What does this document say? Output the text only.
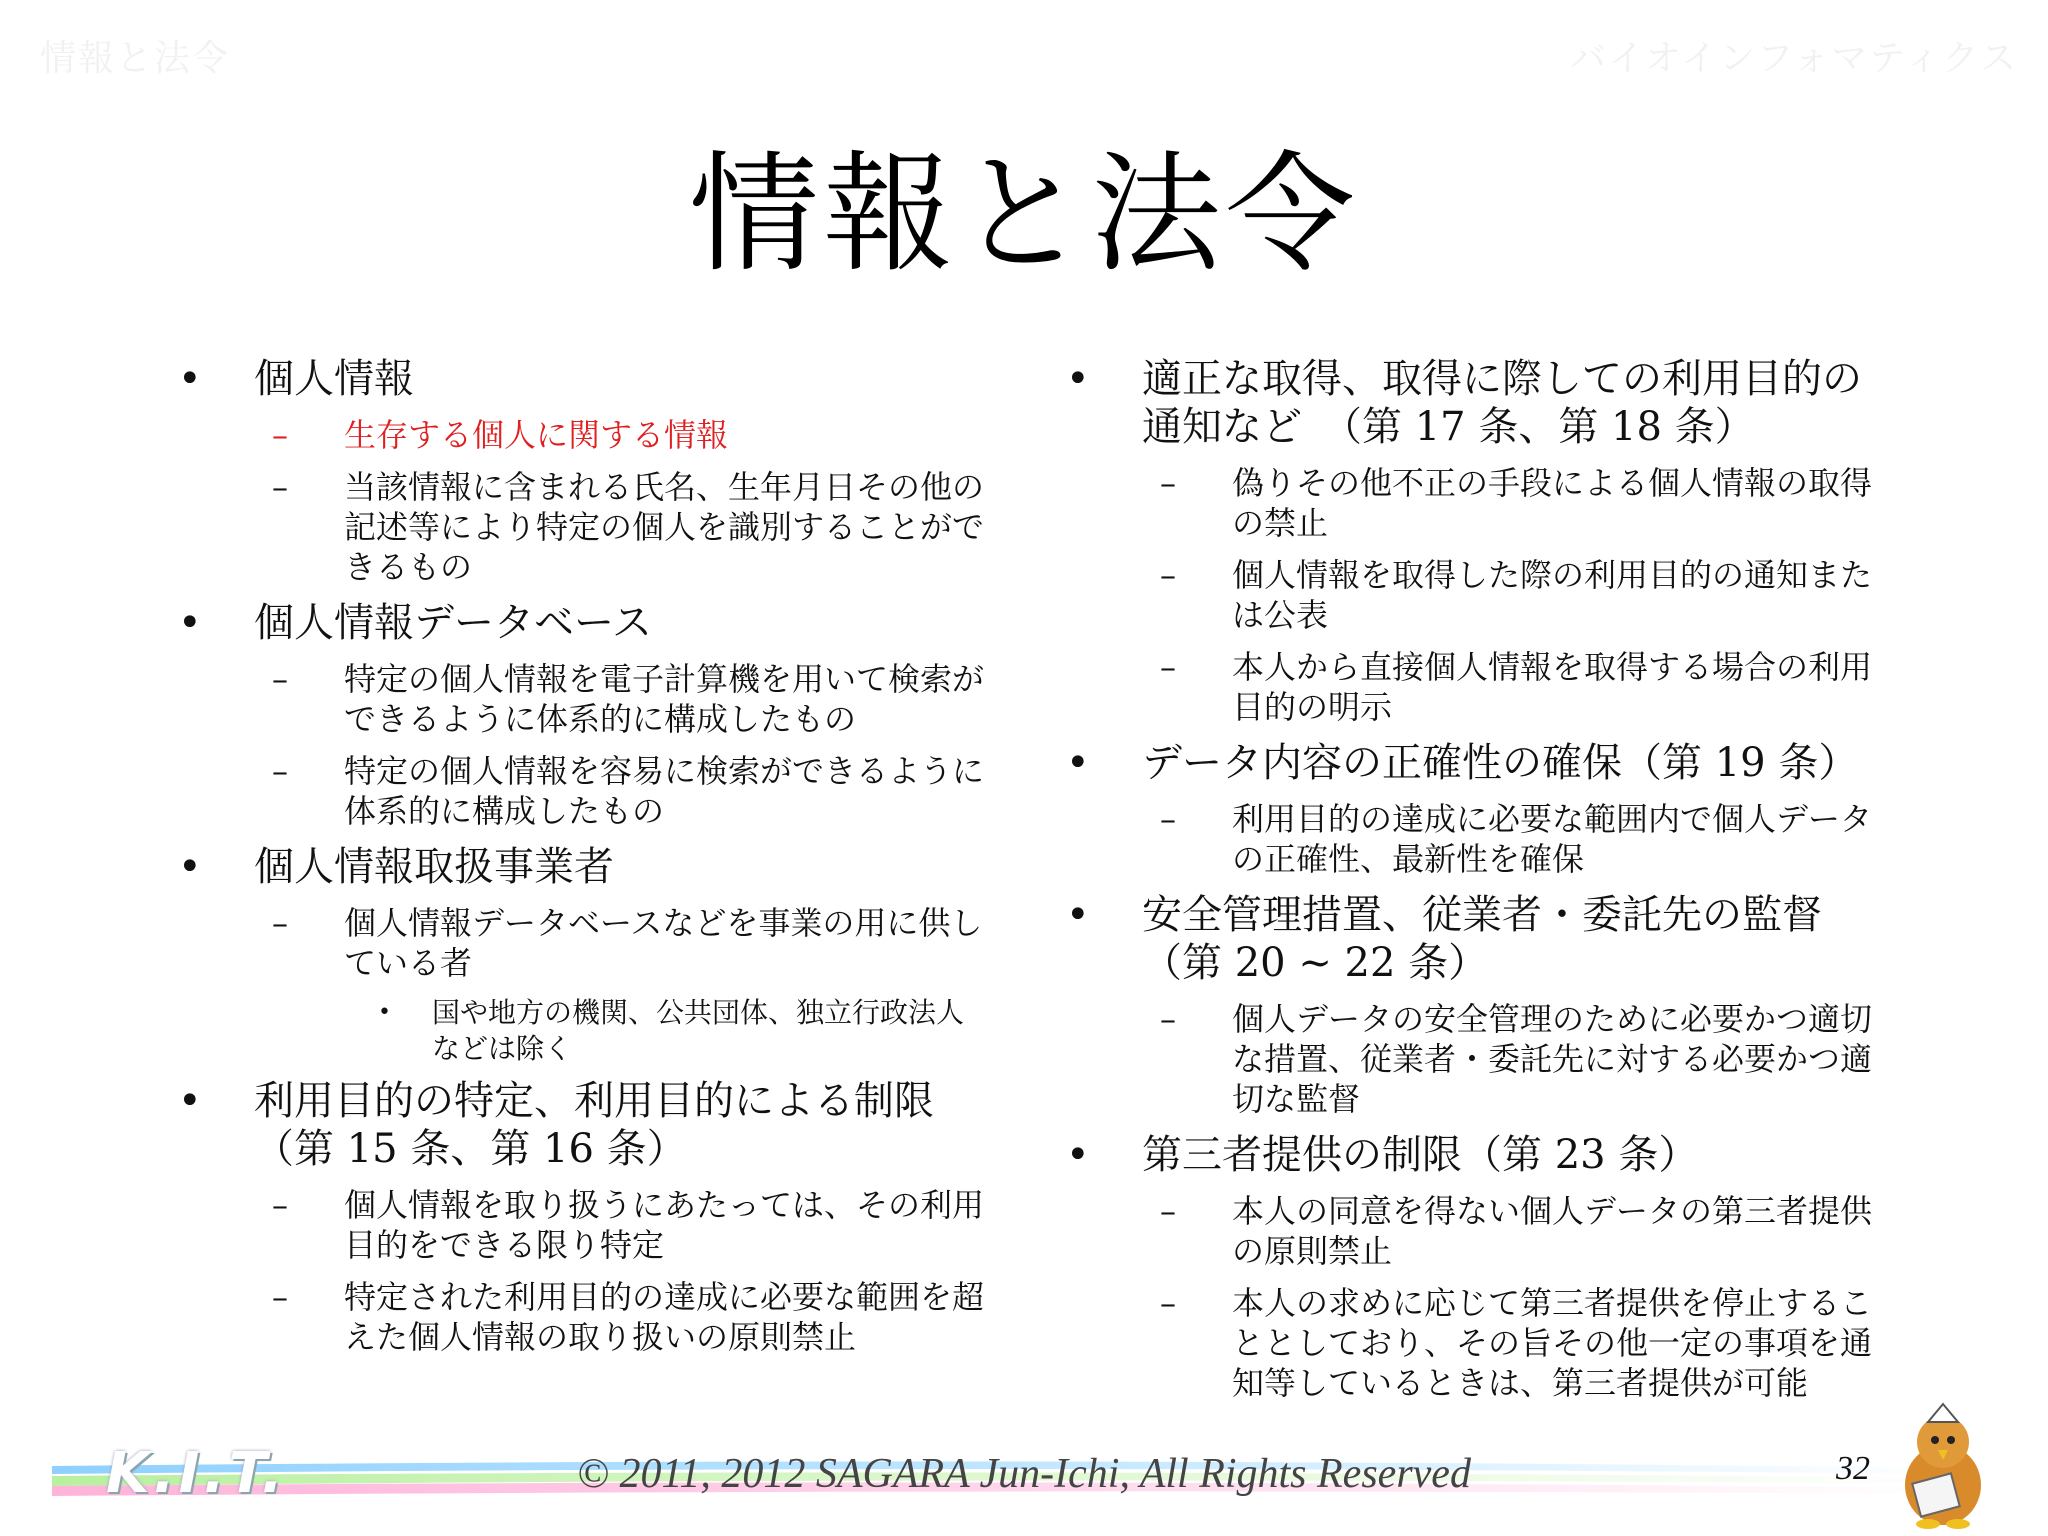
情報と法令	バイオインフォマティクス
情報と法令
• 個人情報
– 生存する個人に関する情報
– 当該情報に含まれる氏名、生年月日その他の記述等により特定の個人を識別することができるもの
• 個人情報データベース
– 特定の個人情報を電子計算機を用いて検索ができるように体系的に構成したもの
– 特定の個人情報を容易に検索ができるように体系的に構成したもの
• 個人情報取扱事業者
– 個人情報データベースなどを事業の用に供している者
• 国や地方の機関、公共団体、独立行政法人などは除く
• 利用目的の特定、利用目的による制限（第 15 条、第 16 条）
– 個人情報を取り扱うにあたっては、その利用目的をできる限り特定
– 特定された利用目的の達成に必要な範囲を超えた個人情報の取り扱いの原則禁止
• 適正な取得、取得に際しての利用目的の通知など　（第 17 条、第 18 条）
– 偽りその他不正の手段による個人情報の取得の禁止
– 個人情報を取得した際の利用目的の通知または公表
– 本人から直接個人情報を取得する場合の利用目的の明示
• データ内容の正確性の確保（第 19 条）
– 利用目的の達成に必要な範囲内で個人データの正確性、最新性を確保
• 安全管理措置、従業者・委託先の監督（第 20 ~ 22 条）
– 個人データの安全管理のために必要かつ適切な措置、従業者・委託先に対する必要かつ適切な監督
• 第三者提供の制限（第 23 条）
– 本人の同意を得ない個人データの第三者提供の原則禁止
– 本人の求めに応じて第三者提供を停止することとしており、その旨その他一定の事項を通知等しているときは、第三者提供が可能
K.I.T.	© 2011, 2012 SAGARA Jun-Ichi, All Rights Reserved	32
